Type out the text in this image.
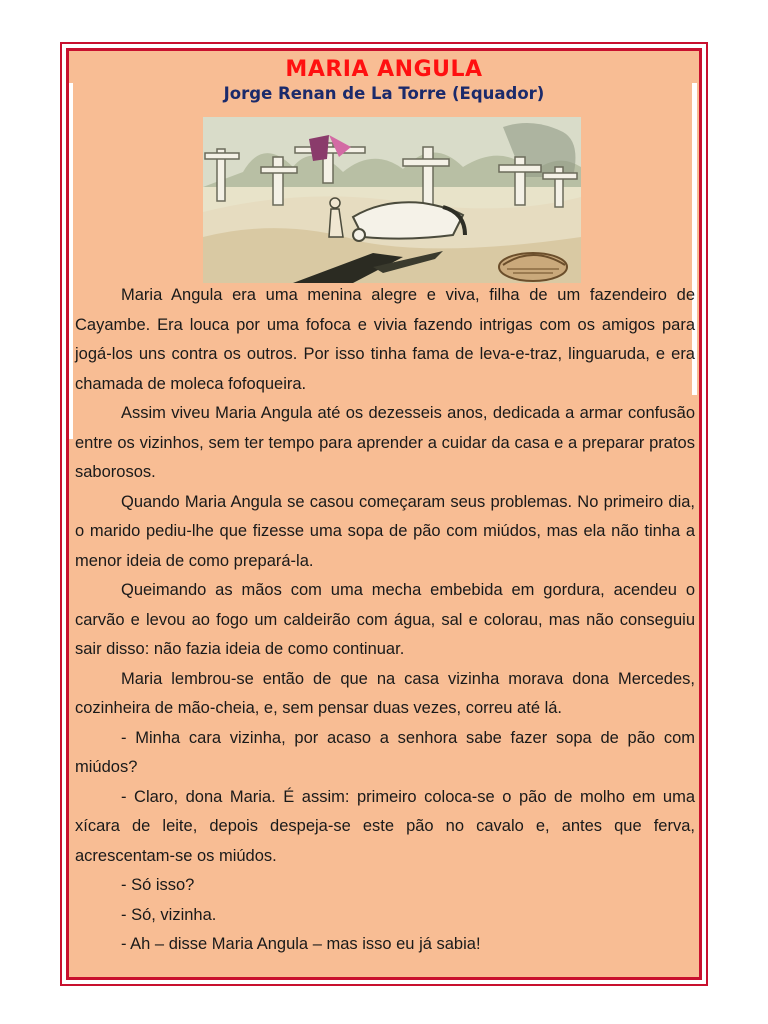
MARIA ANGULA
Jorge Renan de La Torre (Equador)

Maria Angula era uma menina alegre e viva, filha de um fazendeiro de Cayambe. Era louca por uma fofoca e vivia fazendo intrigas com os amigos para jogá-los uns contra os outros. Por isso tinha fama de leva-e-traz, linguaruda, e era chamada de moleca fofoqueira.

Assim viveu Maria Angula até os dezesseis anos, dedicada a armar confusão entre os vizinhos, sem ter tempo para aprender a cuidar da casa e a preparar pratos saborosos.

Quando Maria Angula se casou começaram seus problemas. No primeiro dia, o marido pediu-lhe que fizesse uma sopa de pão com miúdos, mas ela não tinha a menor ideia de como prepará-la.

Queimando as mãos com uma mecha embebida em gordura, acendeu o carvão e levou ao fogo um caldeirão com água, sal e colorau, mas não conseguiu sair disso: não fazia ideia de como continuar.

Maria lembrou-se então de que na casa vizinha morava dona Mercedes, cozinheira de mão-cheia, e, sem pensar duas vezes, correu até lá.

- Minha cara vizinha, por acaso a senhora sabe fazer sopa de pão com miúdos?

- Claro, dona Maria. É assim: primeiro coloca-se o pão de molho em uma xícara de leite, depois despeja-se este pão no cavalo e, antes que ferva, acrescentam-se os miúdos.

- Só isso?

- Só, vizinha.

- Ah – disse Maria Angula – mas isso eu já sabia!
